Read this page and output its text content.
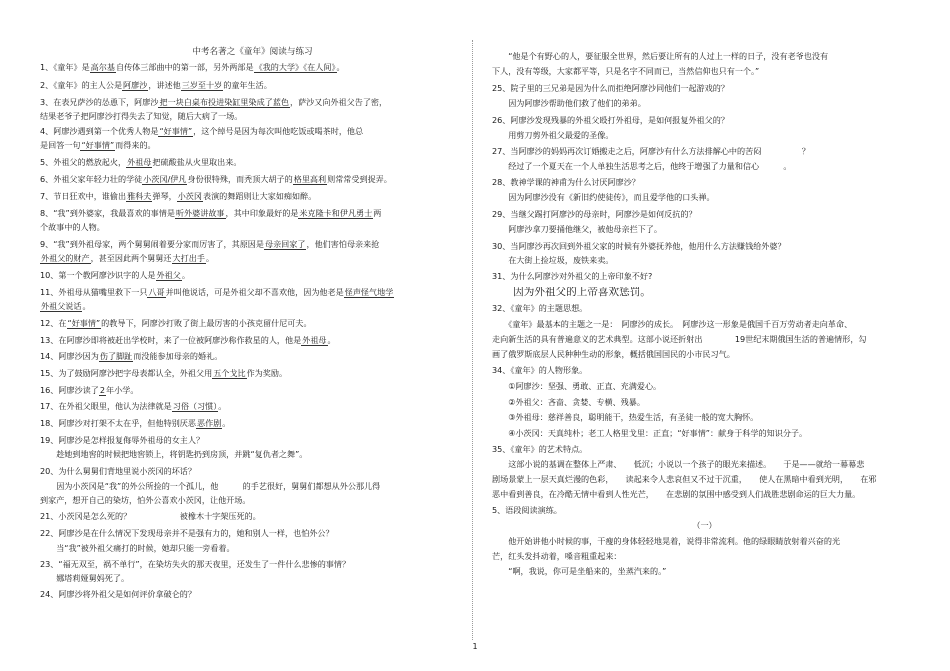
中考名著之《童年》阅读与练习
1、《童年》是高尔基自传体三部曲中的第一部，另外两部是《我的大学》《在人间》。
2、《童年》的主人公是阿廖沙，讲述他三岁至十岁的童年生活。
3、在表兄萨沙的怂恿下，阿廖沙把一块白桌布投进染缸里染成了蓝色，萨沙又向外祖父告了密，
结果老爷子把阿廖沙打得失去了知觉，随后大病了一场。
4、阿廖沙遇到第一个优秀人物是“好事情”，这个绰号是因为每次叫他吃饭或喝茶时，他总
是回答一句“好事情”而得来的。
5、外祖父的燃放起火，外祖母把硫酸盐从火里取出来。
6、外祖父家年轻力壮的学徒小茨冈/伊凡身份很特殊，而秃顶大胡子的格里高利则常常受到捉弄。
7、节日狂欢中，谁偷出雅科夫弹琴，小茨冈表演的舞蹈则让大家如痴如醉。
8、“我”到外婆家，我最喜欢的事情是听外婆讲故事，其中印象最好的是米克隆卡和伊凡勇士两
个故事中的人物。
9、“我”到外祖母家，两个舅舅闹着要分家而厉害了，其原因是母亲回家了，他们害怕母亲来抢
外祖父的财产，甚至因此两个舅舅还大打出手。
10、第一个教阿廖沙识字的人是外祖父。
11、外祖母从猫嘴里救下一只八哥并叫他说话，可是外祖父却不喜欢他，因为他老是怪声怪气地学
外祖父说话。
12、在“好事情”的教导下，阿廖沙打败了街上最厉害的小孩克留什尼可夫。
13、在阿廖沙即将被赶出学校时，来了一位被阿廖沙称作救星的人，他是外祖母。
14、阿廖沙因为伤了脚趾而没能参加母亲的婚礼。
15、为了鼓励阿廖沙把字母表都认全，外祖父用五个戈比作为奖励。
16、阿廖沙读了2年小学。
17、在外祖父眼里，他认为法律就是习俗（习惯）。
18、阿廖沙对打架不太在乎，但他特别厌恶恶作剧。
19、阿廖沙是怎样报复侮辱外祖母的女主人？
　　趁她到地窖的时候把地窖锁上，将钥匙扔到房顶，并跳“复仇者之舞”。
20、为什么舅舅们背地里说小茨冈的坏话？
　　因为小茨冈是“我”的外公所捡的一个孤儿，他　　　的手艺很好，舅舅们都想从外公那儿得
到家产，想开自己的染坊，怕外公喜欢小茨冈，让他开场。
21、小茨冈是怎么死的？　　　　　　被橡木十字架压死的。
22、阿廖沙是在什么情况下发现母亲并不是强有力的，她和别人一样，也怕外公？
　　当“我”被外祖父痛打的时候，她却只能一旁看着。
23、“福无双至，祸不单行”，在染坊失火的那天夜里，还发生了一件什么悲惨的事情？
　　娜塔莉娅舅妈死了。
24、阿廖沙将外祖父是如何评价拿破仑的？
　　“他是个有野心的人，要征服全世界，然后要让所有的人过上一样的日子，没有老爷也没有
下人，没有等级，大家都平等，只是名字不同而已，当然信仰也只有一个。”
25、院子里的三兄弟是因为什么而拒绝阿廖沙同他们一起游戏的？
　　因为阿廖沙帮助他们救了他们的弟弟。
26、阿廖沙发现残暴的外祖父殴打外祖母，是如何报复外祖父的？
　　用剪刀剪外祖父最爱的圣像。
27、当阿廖沙的妈妈再次订婚搬走之后，阿廖沙有什么方法排解心中的苦闷　　　　　？
　　经过了一个夏天在一个人单独生活思考之后，他终于增强了力量和信心　　　。
28、教神学课的神甫为什么讨厌阿廖沙？
　　因为阿廖沙没有《新旧约使徒传》，而且爱学他的口头禅。
29、当继父踢打阿廖沙的母亲时，阿廖沙是如何反抗的？
　　阿廖沙拿刀要捅他继父，被他母亲拦下了。
30、当阿廖沙再次回到外祖父家的时候有外婆抚养他，他用什么方法赚钱给外婆？
　　在大街上捡垃圾，废铁来卖。
31、为什么阿廖沙对外祖父的上帝印象不好?
　　因为外祖父的上帝喜欢惩罚。
32、《童年》的主题思想。
　　《童年》最基本的主题之一是：　阿廖沙的成长。　阿廖沙这一形象是俄国千百万劳动者走向革命、
走向新生活的具有普遍意义的艺术典型。这部小说还折射出　　　　19世纪末期俄国生活的普遍情形，勾
画了俄罗斯底层人民种种生动的形象，概括俄国国民的小市民习气。
34、《童年》的人物形象。
　　①阿廖沙：坚强、勇敢、正直、充满爱心。
　　②外祖父：吝啬、贪婪、专横、残暴。
　　③外祖母：慈祥善良，聪明能干，热爱生活，有圣徒一般的宽大胸怀。
　　④小茨冈：天真纯朴；老工人格里戈里：正直；“好事情”：献身于科学的知识分子。
35、《童年》的艺术特点。
　　这部小说的基调在整体上严肃、　　低沉；小说以一个孩子的眼光来描述。　　于是——就给一幕幕悲
剧场景蒙上一层天真烂漫的色彩，　　读起来令人悲哀但又不过于沉重，　　使人在黑暗中看到光明，　　在邪
恶中看到善良，在冷酷无情中看到人性光芒，　　在悲剧的氛围中感受到人们战胜悲剧命运的巨大力量。
5、语段阅读演练。
（一）
　　他开始讲他小时候的事，干瘦的身体轻轻地晃着，说得非常流利。他的绿眼睛放射着兴奋的光
芒，红头发抖动着，嗓音粗重起来：
　　“啊，我说，你可是坐船来的，坐蒸汽来的。”
1
